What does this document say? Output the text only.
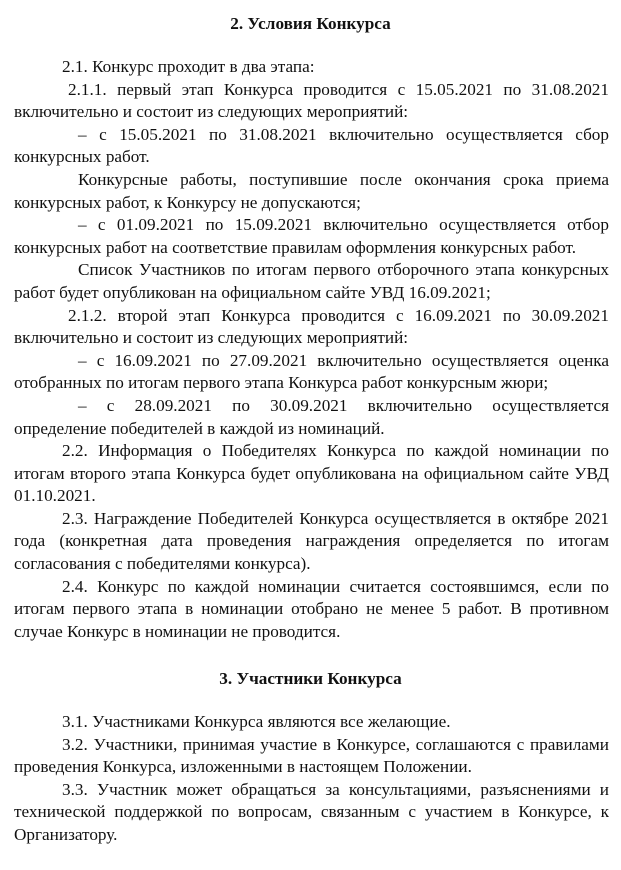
2. Условия Конкурса

2.1. Конкурс проходит в два этапа:

2.1.1. первый этап Конкурса проводится с 15.05.2021 по 31.08.2021 включительно и состоит из следующих мероприятий:

– с 15.05.2021 по 31.08.2021 включительно осуществляется сбор конкурсных работ.

Конкурсные работы, поступившие после окончания срока приема конкурсных работ, к Конкурсу не допускаются;

– с 01.09.2021 по 15.09.2021 включительно осуществляется отбор конкурсных работ на соответствие правилам оформления конкурсных работ.

Список Участников по итогам первого отборочного этапа конкурсных работ будет опубликован на официальном сайте УВД 16.09.2021;

2.1.2. второй этап Конкурса проводится с 16.09.2021 по 30.09.2021 включительно и состоит из следующих мероприятий:

– с 16.09.2021 по 27.09.2021 включительно осуществляется оценка отобранных по итогам первого этапа Конкурса работ конкурсным жюри;

– с 28.09.2021 по 30.09.2021 включительно осуществляется определение победителей в каждой из номинаций.

2.2. Информация о Победителях Конкурса по каждой номинации по итогам второго этапа Конкурса будет опубликована на официальном сайте УВД 01.10.2021.

2.3. Награждение Победителей Конкурса осуществляется в октябре 2021 года (конкретная дата проведения награждения определяется по итогам согласования с победителями конкурса).

2.4. Конкурс по каждой номинации считается состоявшимся, если по итогам первого этапа в номинации отобрано не менее 5 работ. В противном случае Конкурс в номинации не проводится.

3. Участники Конкурса

3.1. Участниками Конкурса являются все желающие.

3.2. Участники, принимая участие в Конкурсе, соглашаются с правилами проведения Конкурса, изложенными в настоящем Положении.

3.3. Участник может обращаться за консультациями, разъяснениями и технической поддержкой по вопросам, связанным с участием в Конкурсе, к Организатору.
